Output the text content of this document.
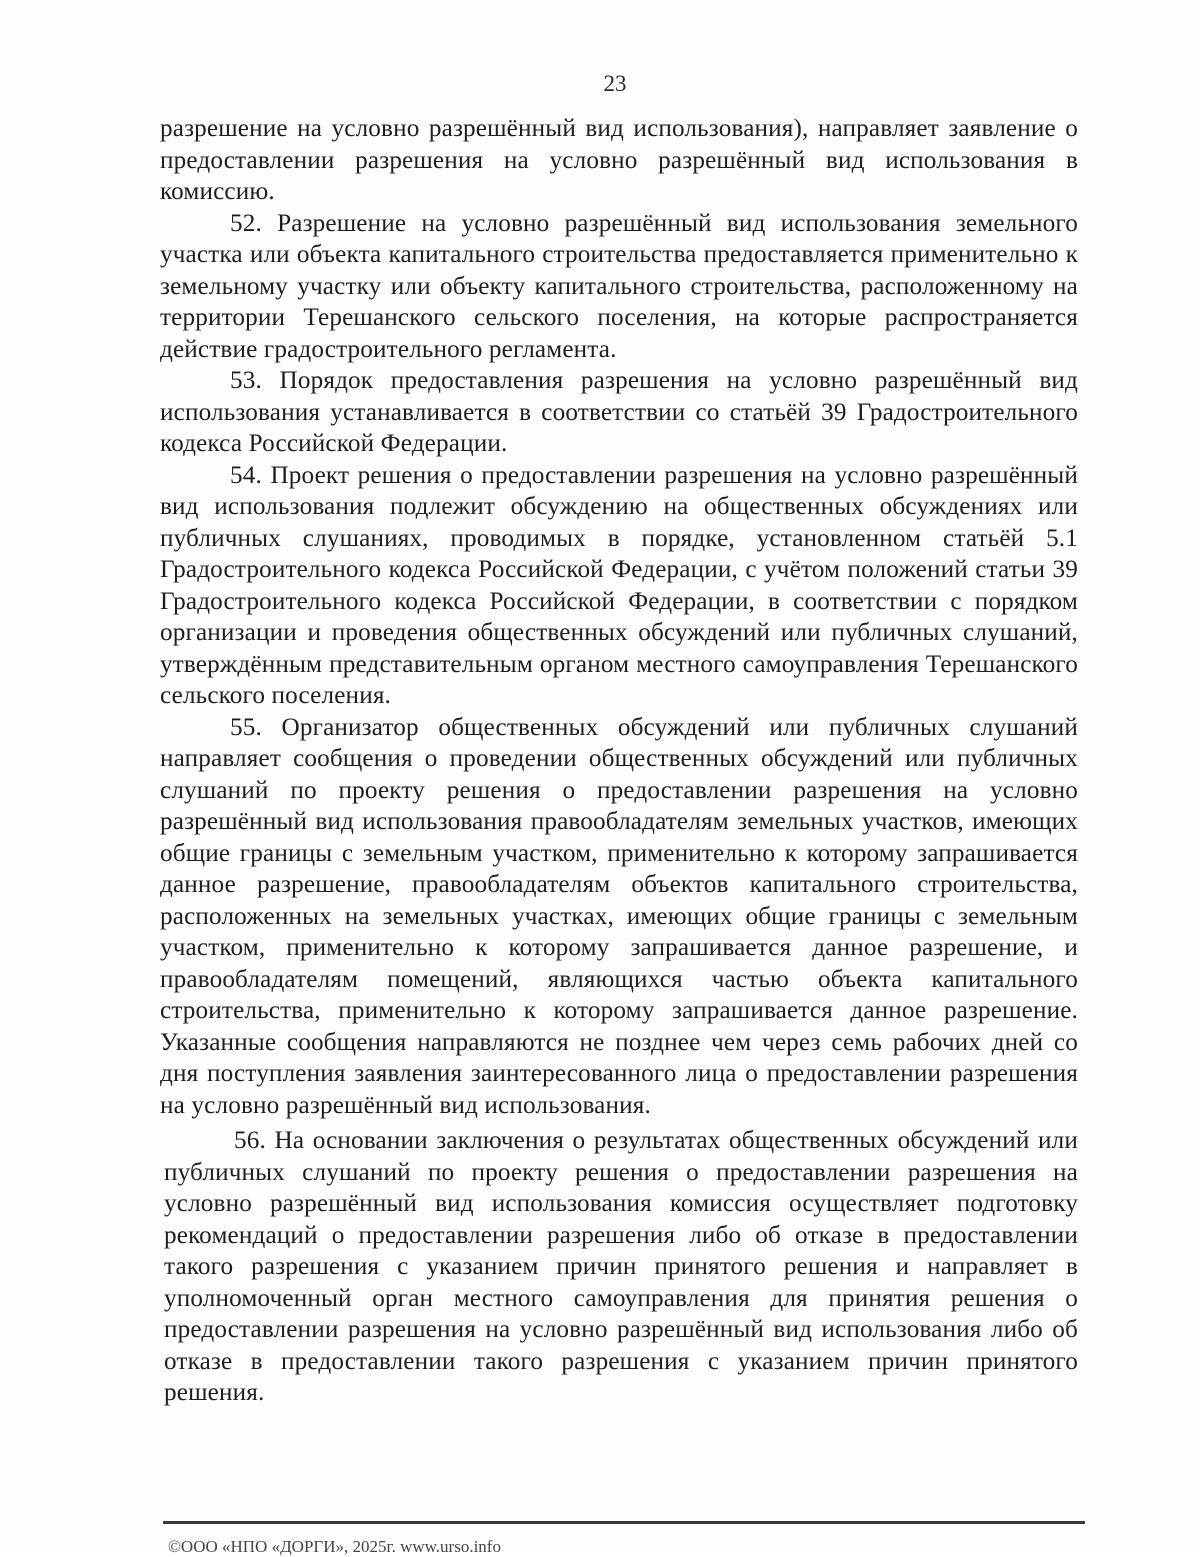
23

разрешение на условно разрешённый вид использования), направляет заявление о предоставлении разрешения на условно разрешённый вид использования в комиссию.

52. Разрешение на условно разрешённый вид использования земельного участка или объекта капитального строительства предоставляется применительно к земельному участку или объекту капитального строительства, расположенному на территории Терешанского сельского поселения, на которые распространяется действие градостроительного регламента.

53. Порядок предоставления разрешения на условно разрешённый вид использования устанавливается в соответствии со статьёй 39 Градостроительного кодекса Российской Федерации.

54. Проект решения о предоставлении разрешения на условно разрешённый вид использования подлежит обсуждению на общественных обсуждениях или публичных слушаниях, проводимых в порядке, установленном статьёй 5.1 Градостроительного кодекса Российской Федерации, с учётом положений статьи 39 Градостроительного кодекса Российской Федерации, в соответствии с порядком организации и проведения общественных обсуждений или публичных слушаний, утверждённым представительным органом местного самоуправления Терешанского сельского поселения.

55. Организатор общественных обсуждений или публичных слушаний направляет сообщения о проведении общественных обсуждений или публичных слушаний по проекту решения о предоставлении разрешения на условно разрешённый вид использования правообладателям земельных участков, имеющих общие границы с земельным участком, применительно к которому запрашивается данное разрешение, правообладателям объектов капитального строительства, расположенных на земельных участках, имеющих общие границы с земельным участком, применительно к которому запрашивается данное разрешение, и правообладателям помещений, являющихся частью объекта капитального строительства, применительно к которому запрашивается данное разрешение. Указанные сообщения направляются не позднее чем через семь рабочих дней со дня поступления заявления заинтересованного лица о предоставлении разрешения на условно разрешённый вид использования.

56. На основании заключения о результатах общественных обсуждений или публичных слушаний по проекту решения о предоставлении разрешения на условно разрешённый вид использования комиссия осуществляет подготовку рекомендаций о предоставлении разрешения либо об отказе в предоставлении такого разрешения с указанием причин принятого решения и направляет в уполномоченный орган местного самоуправления для принятия решения о предоставлении разрешения на условно разрешённый вид использования либо об отказе в предоставлении такого разрешения с указанием причин принятого решения.

©ООО «НПО «ДОРГИ», 2025г. www.urso.info
